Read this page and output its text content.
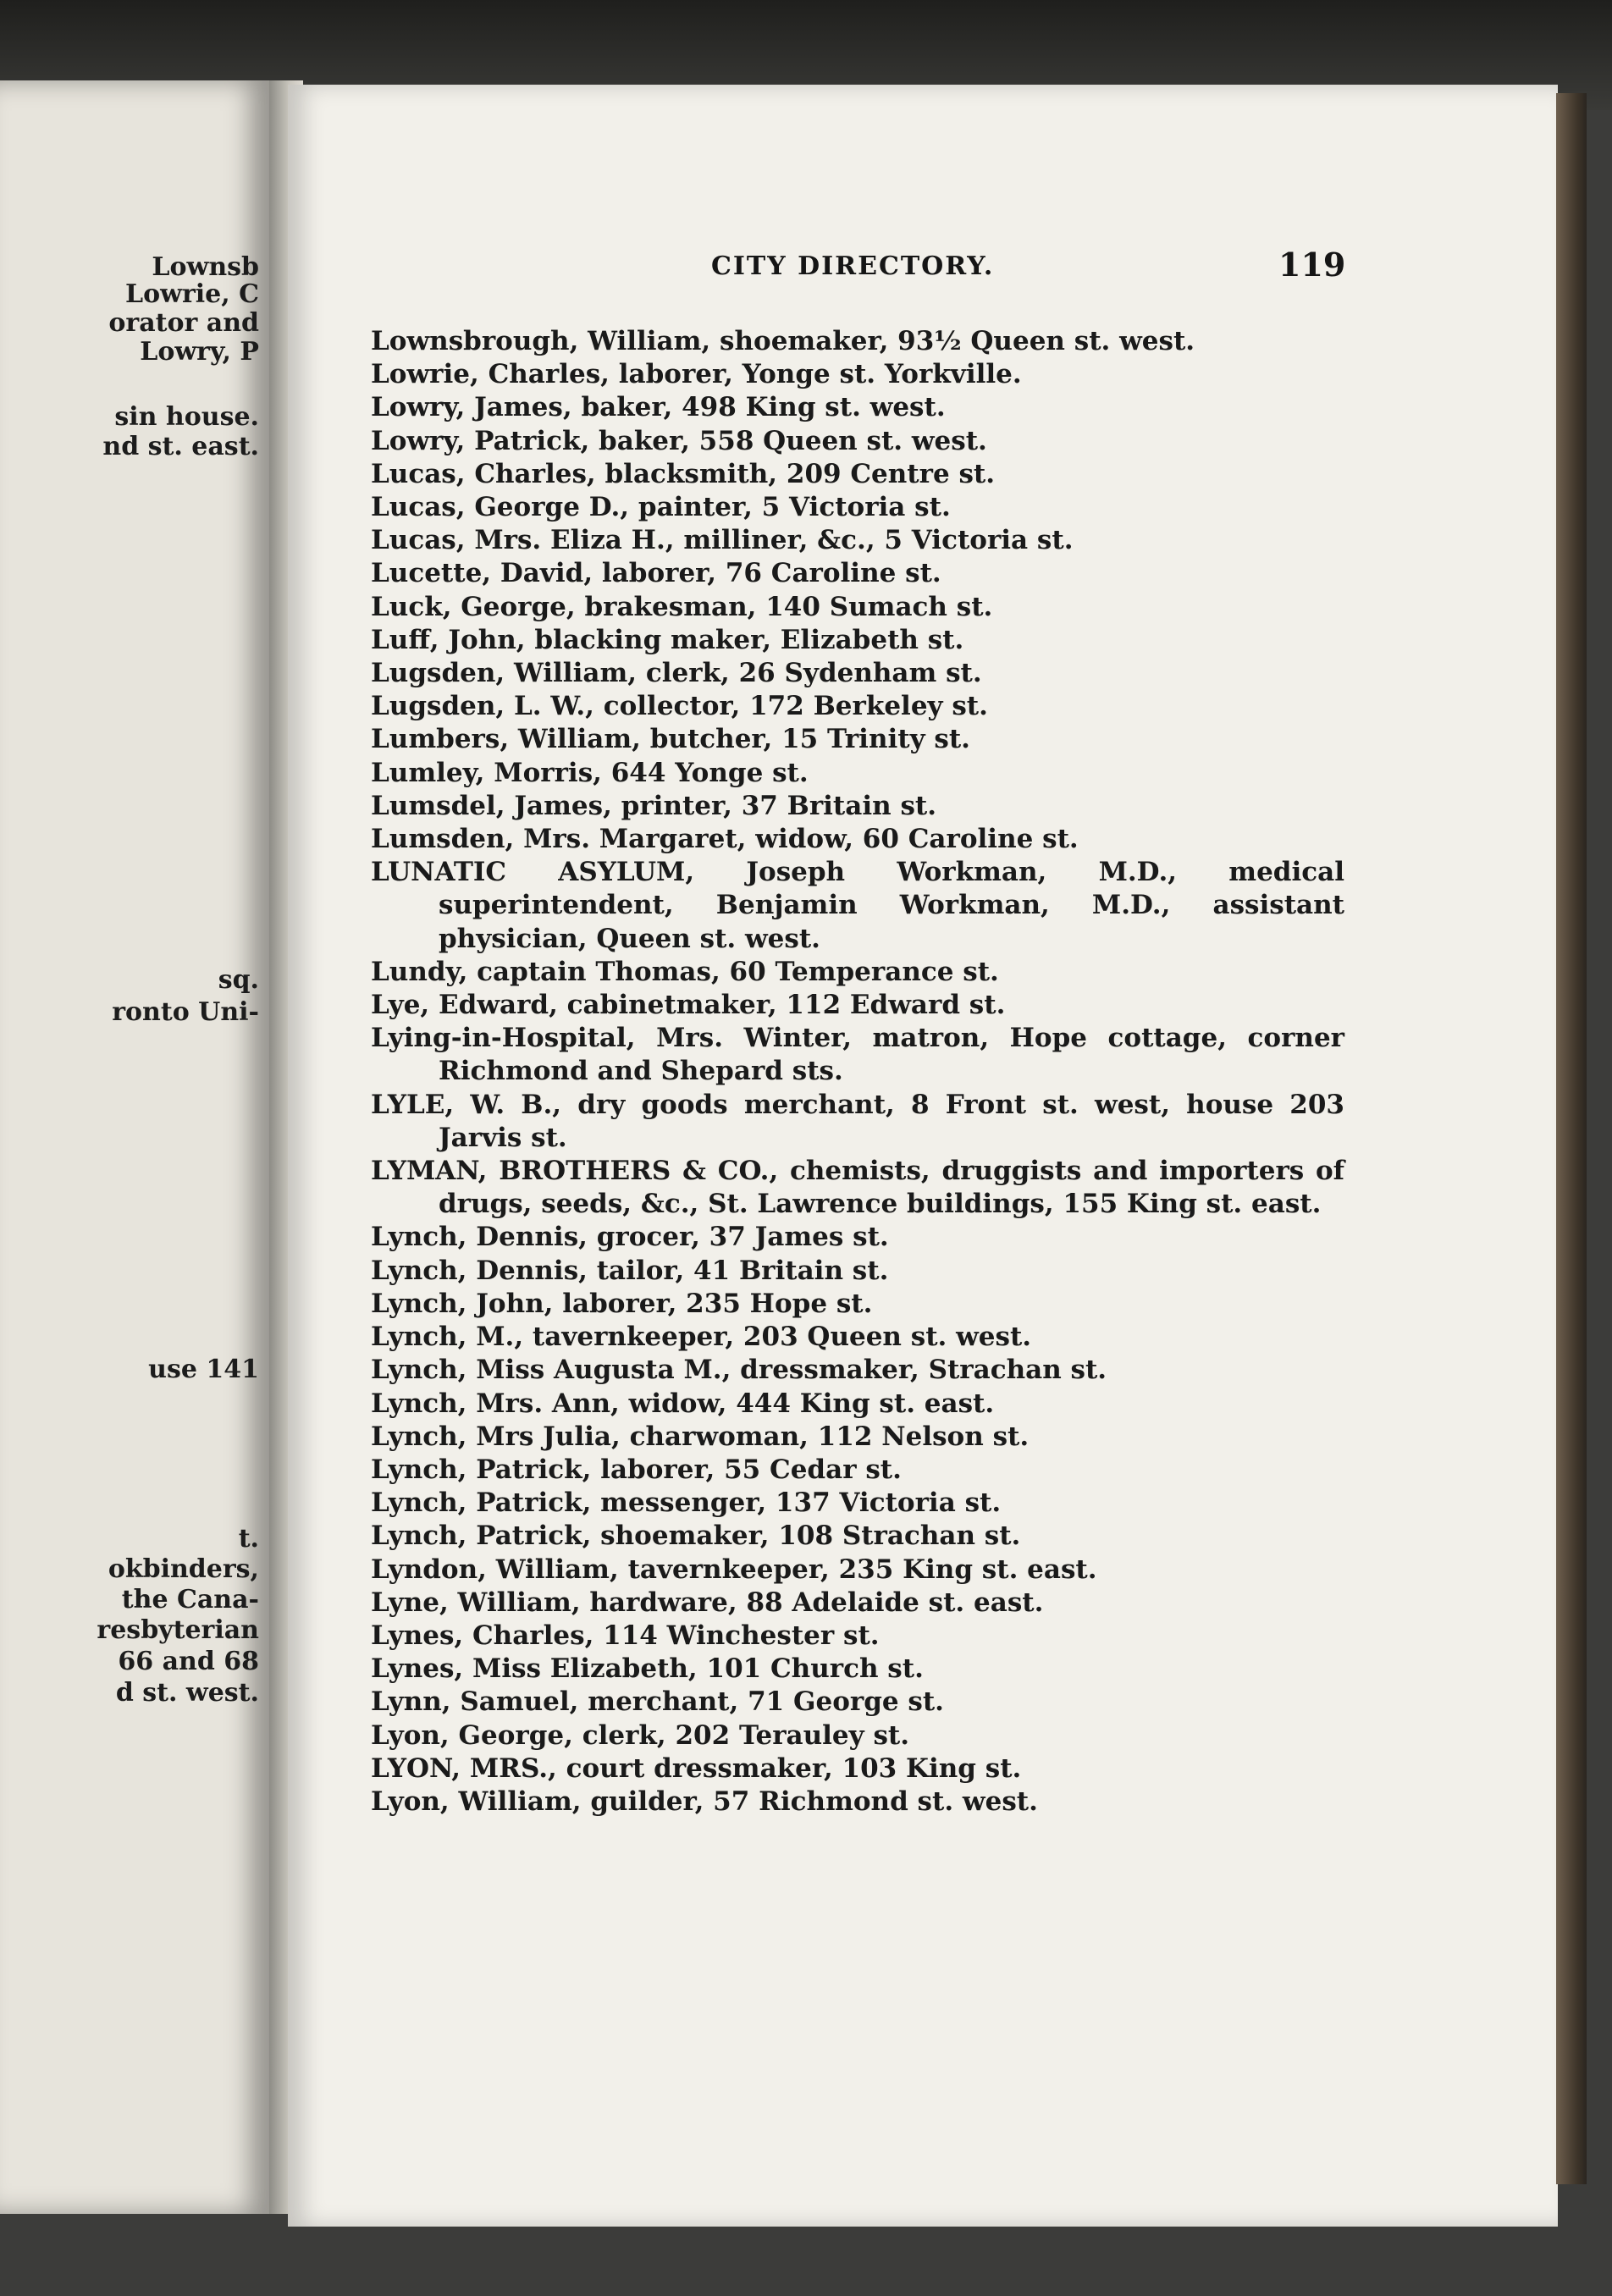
Lownsb
Lowrie, C
orator and
Lowry, P
sin house.
nd st. east.
sq.
ronto Uni-
use 141
t.
okbinders,
the Cana-
resbyterian
66 and 68
d st. west.
CITY DIRECTORY.	119
Lownsbrough, William, shoemaker, 93½ Queen st. west.
Lowrie, Charles, laborer, Yonge st. Yorkville.
Lowry, James, baker, 498 King st. west.
Lowry, Patrick, baker, 558 Queen st. west.
Lucas, Charles, blacksmith, 209 Centre st.
Lucas, George D., painter, 5 Victoria st.
Lucas, Mrs. Eliza H., milliner, &c., 5 Victoria st.
Lucette, David, laborer, 76 Caroline st.
Luck, George, brakesman, 140 Sumach st.
Luff, John, blacking maker, Elizabeth st.
Lugsden, William, clerk, 26 Sydenham st.
Lugsden, L. W., collector, 172 Berkeley st.
Lumbers, William, butcher, 15 Trinity st.
Lumley, Morris, 644 Yonge st.
Lumsdel, James, printer, 37 Britain st.
Lumsden, Mrs. Margaret, widow, 60 Caroline st.
LUNATIC ASYLUM, Joseph Workman, M.D., medical superintendent, Benjamin Workman, M.D., assistant physician, Queen st. west.
Lundy, captain Thomas, 60 Temperance st.
Lye, Edward, cabinetmaker, 112 Edward st.
Lying-in-Hospital, Mrs. Winter, matron, Hope cottage, corner Richmond and Shepard sts.
LYLE, W. B., dry goods merchant, 8 Front st. west, house 203 Jarvis st.
LYMAN, BROTHERS & CO., chemists, druggists and importers of drugs, seeds, &c., St. Lawrence buildings, 155 King st. east.
Lynch, Dennis, grocer, 37 James st.
Lynch, Dennis, tailor, 41 Britain st.
Lynch, John, laborer, 235 Hope st.
Lynch, M., tavernkeeper, 203 Queen st. west.
Lynch, Miss Augusta M., dressmaker, Strachan st.
Lynch, Mrs. Ann, widow, 444 King st. east.
Lynch, Mrs Julia, charwoman, 112 Nelson st.
Lynch, Patrick, laborer, 55 Cedar st.
Lynch, Patrick, messenger, 137 Victoria st.
Lynch, Patrick, shoemaker, 108 Strachan st.
Lyndon, William, tavernkeeper, 235 King st. east.
Lyne, William, hardware, 88 Adelaide st. east.
Lynes, Charles, 114 Winchester st.
Lynes, Miss Elizabeth, 101 Church st.
Lynn, Samuel, merchant, 71 George st.
Lyon, George, clerk, 202 Terauley st.
LYON, MRS., court dressmaker, 103 King st.
Lyon, William, guilder, 57 Richmond st. west.
